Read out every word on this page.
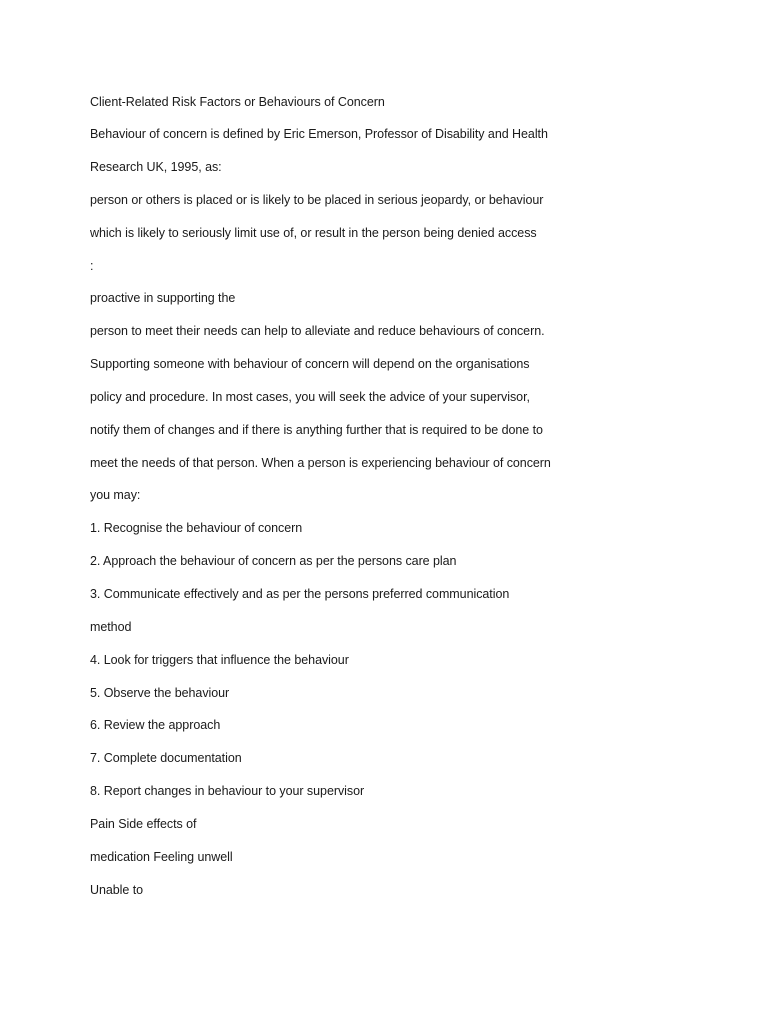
Client-Related Risk Factors or Behaviours of Concern
Behaviour of concern is defined by Eric Emerson, Professor of Disability and Health
Research UK, 1995, as:
person or others is placed or is likely to be placed in serious jeopardy, or behaviour
which is likely to seriously limit use of, or result in the person being denied access
:
proactive in supporting the
person to meet their needs can help to alleviate and reduce behaviours of concern.
Supporting someone with behaviour of concern will depend on the organisations
policy and procedure. In most cases, you will seek the advice of your supervisor,
notify them of changes and if there is anything further that is required to be done to
meet the needs of that person. When a person is experiencing behaviour of concern
you may:
1. Recognise the behaviour of concern
2. Approach the behaviour of concern as per the persons care plan
3. Communicate effectively and as per the persons preferred communication
method
4. Look for triggers that influence the behaviour
5. Observe the behaviour
6. Review the approach
7. Complete documentation
8. Report changes in behaviour to your supervisor
Pain Side effects of
medication Feeling unwell
Unable to
